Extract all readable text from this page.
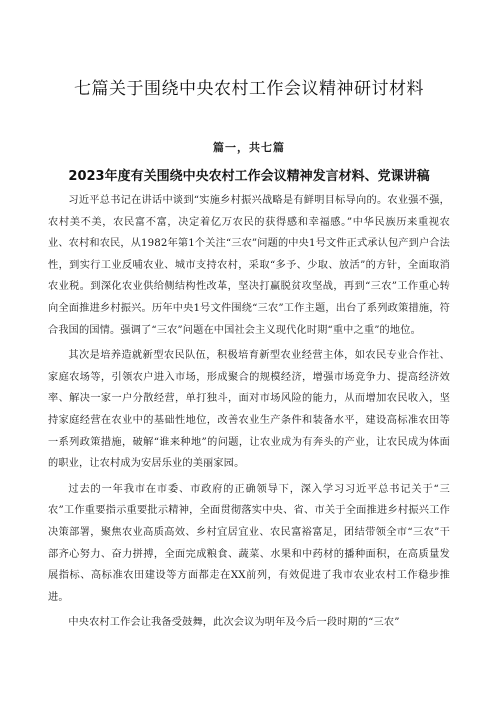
七篇关于围绕中央农村工作会议精神研讨材料

篇一，共七篇

2023年度有关围绕中央农村工作会议精神发言材料、党课讲稿

习近平总书记在讲话中谈到“实施乡村振兴战略是有鲜明目标导向的。农业强不强，农村美不美，农民富不富，决定着亿万农民的获得感和幸福感。”中华民族历来重视农业、农村和农民，从1982年第1个关注“三农”问题的中央1号文件正式承认包产到户合法性，到实行工业反哺农业、城市支持农村，采取“多予、少取、放活”的方针，全面取消农业税。到深化农业供给侧结构性改革，坚决打赢脱贫攻坚战，再到“三农”工作重心转向全面推进乡村振兴。历年中央1号文件围绕“三农”工作主题，出台了系列政策措施，符合我国的国情。强调了“三农”问题在中国社会主义现代化时期“重中之重”的地位。

其次是培养造就新型农民队伍，积极培育新型农业经营主体，如农民专业合作社、家庭农场等，引领农户进入市场，形成聚合的规模经济，增强市场竞争力、提高经济效率、解决一家一户分散经营，单打独斗，面对市场风险的能力，从而增加农民收入，坚持家庭经营在农业中的基础性地位，改善农业生产条件和装备水平，建设高标准农田等一系列政策措施，破解“谁来种地”的问题，让农业成为有奔头的产业，让农民成为体面的职业，让农村成为安居乐业的美丽家园。

过去的一年我市在市委、市政府的正确领导下，深入学习习近平总书记关于“三农”工作重要指示重要批示精神，全面贯彻落实中央、省、市关于全面推进乡村振兴工作决策部署，聚焦农业高质高效、乡村宜居宜业、农民富裕富足，团结带领全市“三农”干部齐心努力、奋力拼搏，全面完成粮食、蔬菜、水果和中药材的播种面积，在高质量发展指标、高标准农田建设等方面都走在XX前列，有效促进了我市农业农村工作稳步推进。

中央农村工作会让我备受鼓舞，此次会议为明年及今后一段时期的“三农”
